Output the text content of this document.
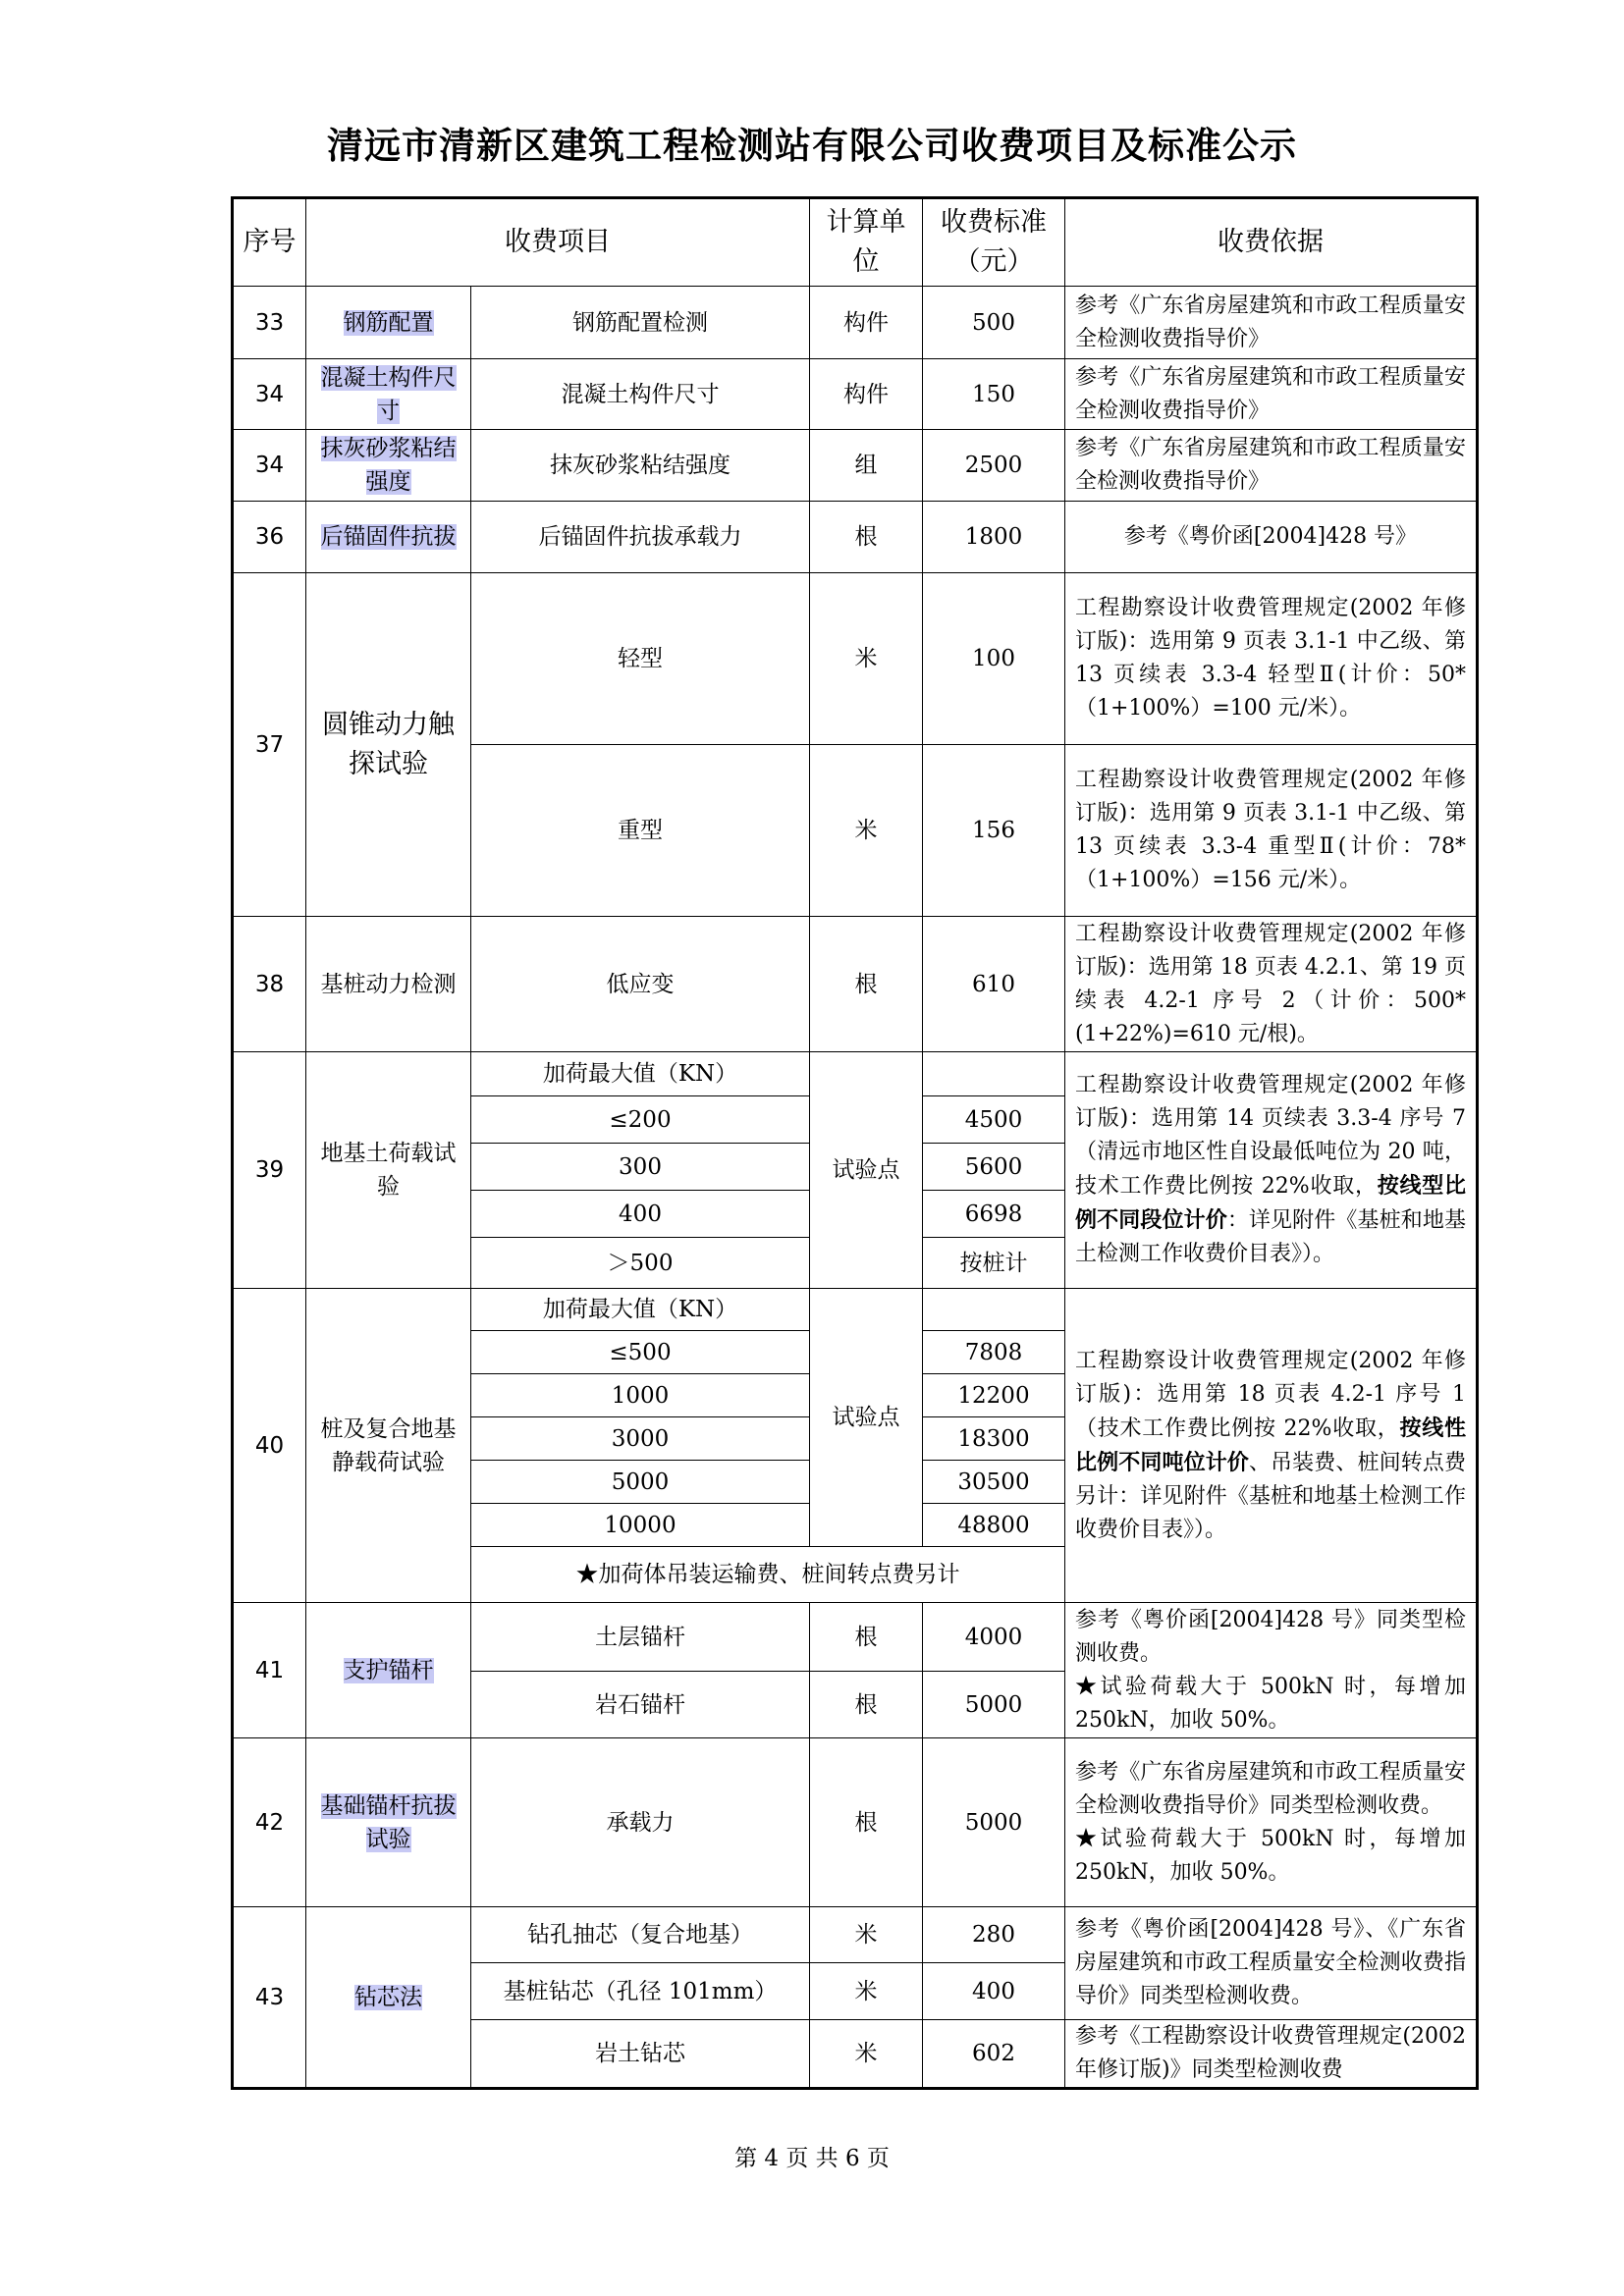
清远市清新区建筑工程检测站有限公司收费项目及标准公示
序号	收费项目		计算单位	收费标准（元）	收费依据
33	钢筋配置	钢筋配置检测	构件	500	参考《广东省房屋建筑和市政工程质量安全检测收费指导价》
34	混凝土构件尺寸	混凝土构件尺寸	构件	150	参考《广东省房屋建筑和市政工程质量安全检测收费指导价》
34	抹灰砂浆粘结强度	抹灰砂浆粘结强度	组	2500	参考《广东省房屋建筑和市政工程质量安全检测收费指导价》
36	后锚固件抗拔	后锚固件抗拔承载力	根	1800	参考《粤价函[2004]428 号》
37	圆锥动力触探试验	轻型	米	100	工程勘察设计收费管理规定(2002 年修订版)：选用第 9 页表 3.1-1 中乙级、第 13 页续表 3.3-4 轻型Ⅱ(计价：50*（1+100%）=100 元/米）。
		重型	米	156	工程勘察设计收费管理规定(2002 年修订版)：选用第 9 页表 3.1-1 中乙级、第 13 页续表 3.3-4 重型Ⅱ(计价：78*（1+100%）=156 元/米）。
38	基桩动力检测	低应变	根	610	工程勘察设计收费管理规定(2002 年修订版)：选用第 18 页表 4.2.1、第 19 页续表 4.2-1 序号 2（计价：500*(1+22%)=610 元/根)。
39	地基土荷载试验	加荷最大值（KN）	试验点		工程勘察设计收费管理规定(2002 年修订版)：选用第 14 页续表 3.3-4 序号 7（清远市地区性自设最低吨位为 20 吨，技术工作费比例按 22%收取，按线型比例不同段位计价：详见附件《基桩和地基土检测工作收费价目表》）。
		≤200		4500	
		300		5600	
		400		6698	
		＞500		按桩计	
40	桩及复合地基静载荷试验	加荷最大值（KN）	试验点		工程勘察设计收费管理规定(2002 年修订版)：选用第 18 页表 4.2-1 序号 1（技术工作费比例按 22%收取，按线性比例不同吨位计价、吊装费、桩间转点费另计：详见附件《基桩和地基土检测工作收费价目表》）。
		≤500		7808	
		1000		12200	
		3000		18300	
		5000		30500	
		10000		48800	
		★加荷体吊装运输费、桩间转点费另计			
41	支护锚杆	土层锚杆	根	4000	参考《粤价函[2004]428 号》同类型检测收费。
★试验荷载大于 500kN 时，每增加 250kN，加收 50%。

		岩石锚杆	根	5000	
42	基础锚杆抗拔试验	承载力	根	5000	参考《广东省房屋建筑和市政工程质量安全检测收费指导价》同类型检测收费。
★试验荷载大于 500kN 时，每增加 250kN，加收 50%。

43	钻芯法	钻孔抽芯（复合地基）	米	280	参考《粤价函[2004]428 号》、《广东省房屋建筑和市政工程质量安全检测收费指导价》同类型检测收费。
		基桩钻芯（孔径 101mm）	米	400	
		岩土钻芯	米	602	参考《工程勘察设计收费管理规定(2002 年修订版)》同类型检测收费
第 4 页 共 6 页
